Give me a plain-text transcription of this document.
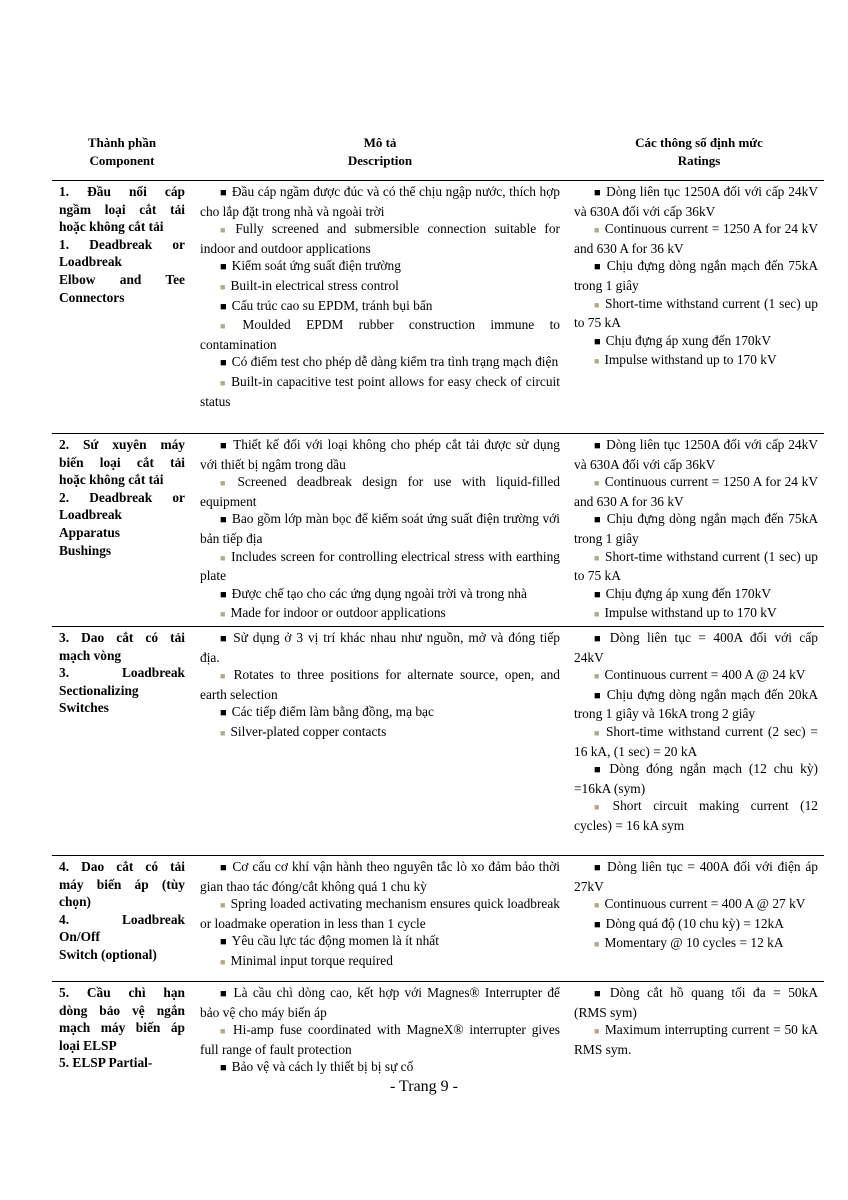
Thành phần
Component
Mô tả
Description
Các thông số định mức
Ratings
1. Đầu nối cáp
ngầm loại cắt tải
hoặc không cắt tải
1. Deadbreak or
Loadbreak
Elbow and Tee
Connectors
■ Đầu cáp ngầm được đúc và có thể chịu ngập nước, thích hợp cho lắp đặt trong nhà và ngoài trời
■ Fully screened and submersible connection suitable for indoor and outdoor applications
■ Kiểm soát ứng suất điện trường
■ Built-in electrical stress control
■ Cấu trúc cao su EPDM, tránh bụi bẩn
■ Moulded EPDM rubber construction immune to contamination
■ Có điểm test cho phép dễ dàng kiểm tra tình trạng mạch điện
■ Built-in capacitive test point allows for easy check of circuit status
■ Dòng liên tục 1250A đối với cấp 24kV và 630A đối với cấp 36kV
■ Continuous current = 1250 A for 24 kV and 630 A for 36 kV
■ Chịu đựng dòng ngắn mạch đến 75kA trong 1 giây
■ Short-time withstand current (1 sec) up to 75 kA
■ Chịu đựng áp xung đến 170kV
■ Impulse withstand up to 170 kV
2. Sứ xuyên máy
biến loại cắt tải
hoặc không cắt tải
2. Deadbreak or
Loadbreak
Apparatus
Bushings
■ Thiết kế đối với loại không cho phép cắt tải được sử dụng với thiết bị ngâm trong dầu
■ Screened deadbreak design for use with liquid-filled equipment
■ Bao gồm lớp màn bọc để kiểm soát ứng suất điện trường với bản tiếp địa
■ Includes screen for controlling electrical stress with earthing plate
■ Được chế tạo cho các ứng dụng ngoài trời và trong nhà
■ Made for indoor or outdoor applications
■ Dòng liên tục 1250A đối với cấp 24kV và 630A đối với cấp 36kV
■ Continuous current = 1250 A for 24 kV and 630 A for 36 kV
■ Chịu đựng dòng ngắn mạch đến 75kA trong 1 giây
■ Short-time withstand current (1 sec) up to 75 kA
■ Chịu đựng áp xung đến 170kV
■ Impulse withstand up to 170 kV
3. Dao cắt có tải
mạch vòng
3. Loadbreak
Sectionalizing
Switches
■ Sử dụng ở 3 vị trí khác nhau như nguồn, mở và đóng tiếp địa.
■ Rotates to three positions for alternate source, open, and earth selection
■ Các tiếp điểm làm bằng đồng, mạ bạc
■ Silver-plated copper contacts
■ Dòng liên tục = 400A đối với cấp 24kV
■ Continuous current = 400 A @ 24 kV
■ Chịu đựng dòng ngắn mạch đến 20kA trong 1 giây và 16kA trong 2 giây
■ Short-time withstand current (2 sec) = 16 kA, (1 sec) = 20 kA
■ Dòng đóng ngắn mạch (12 chu kỳ) =16kA (sym)
■ Short circuit making current (12 cycles) = 16 kA sym
4. Dao cắt có tải
máy biến áp (tùy
chọn)
4. Loadbreak
On/Off
Switch (optional)
■ Cơ cấu cơ khí vận hành theo nguyên tắc lò xo đảm bảo thời gian thao tác đóng/cắt không quá 1 chu kỳ
■ Spring loaded activating mechanism ensures quick loadbreak or loadmake operation in less than 1 cycle
■ Yêu cầu lực tác động momen là ít nhất
■ Minimal input torque required
■ Dòng liên tục = 400A đối với điện áp 27kV
■ Continuous current = 400 A @ 27 kV
■ Dòng quá độ (10 chu kỳ) = 12kA
■ Momentary @ 10 cycles = 12 kA
5. Cầu chì hạn
dòng bảo vệ ngắn
mạch máy biến áp
loại ELSP
5. ELSP Partial-
■ Là cầu chì dòng cao, kết hợp với Magnes® Interrupter để bảo vệ cho máy biến áp
■ Hi-amp fuse coordinated with MagneX® interrupter gives full range of fault protection
■ Bảo vệ và cách ly thiết bị bị sự cố
■ Dòng cắt hồ quang tối đa = 50kA (RMS sym)
■ Maximum interrupting current = 50 kA RMS sym.
- Trang 9 -
